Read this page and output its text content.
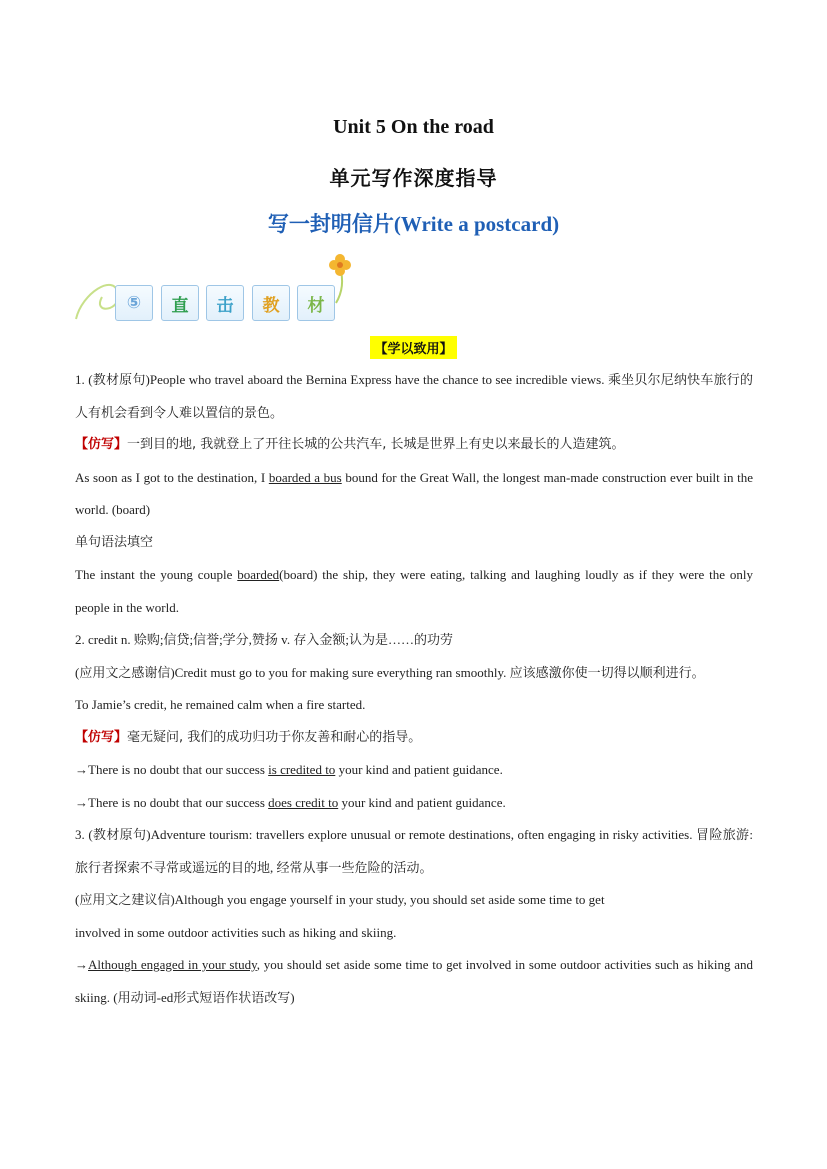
Unit 5 On the road
单元写作深度指导
写一封明信片(Write a postcard)
⑤ 直 击 教 材
【学以致用】

1. (教材原句)People who travel aboard the Bernina Express have the chance to see incredible views. 乘坐贝尔尼纳快车旅行的人有机会看到令人难以置信的景色。

【仿写】一到目的地, 我就登上了开往长城的公共汽车, 长城是世界上有史以来最长的人造建筑。

As soon as I got to the destination, I boarded a bus bound for the Great Wall, the longest man-made construction ever built in the world. (board)

单句语法填空

The instant the young couple boarded(board) the ship, they were eating, talking and laughing loudly as if they were the only people in the world.

2. credit n. 赊购;信贷;信誉;学分,赞扬 v. 存入金额;认为是……的功劳

(应用文之感谢信)Credit must go to you for making sure everything ran smoothly. 应该感激你使一切得以顺利进行。

To Jamie’s credit, he remained calm when a fire started.

【仿写】毫无疑问, 我们的成功归功于你友善和耐心的指导。

→There is no doubt that our success is credited to your kind and patient guidance.

→There is no doubt that our success does credit to your kind and patient guidance.

3. (教材原句)Adventure tourism: travellers explore unusual or remote destinations, often engaging in risky activities. 冒险旅游: 旅行者探索不寻常或遥远的目的地, 经常从事一些危险的活动。

(应用文之建议信)Although you engage yourself in your study, you should set aside some time to get

involved in some outdoor activities such as hiking and skiing.

→Although engaged in your study, you should set aside some time to get involved in some outdoor activities such as hiking and skiing. (用动词-ed形式短语作状语改写)
